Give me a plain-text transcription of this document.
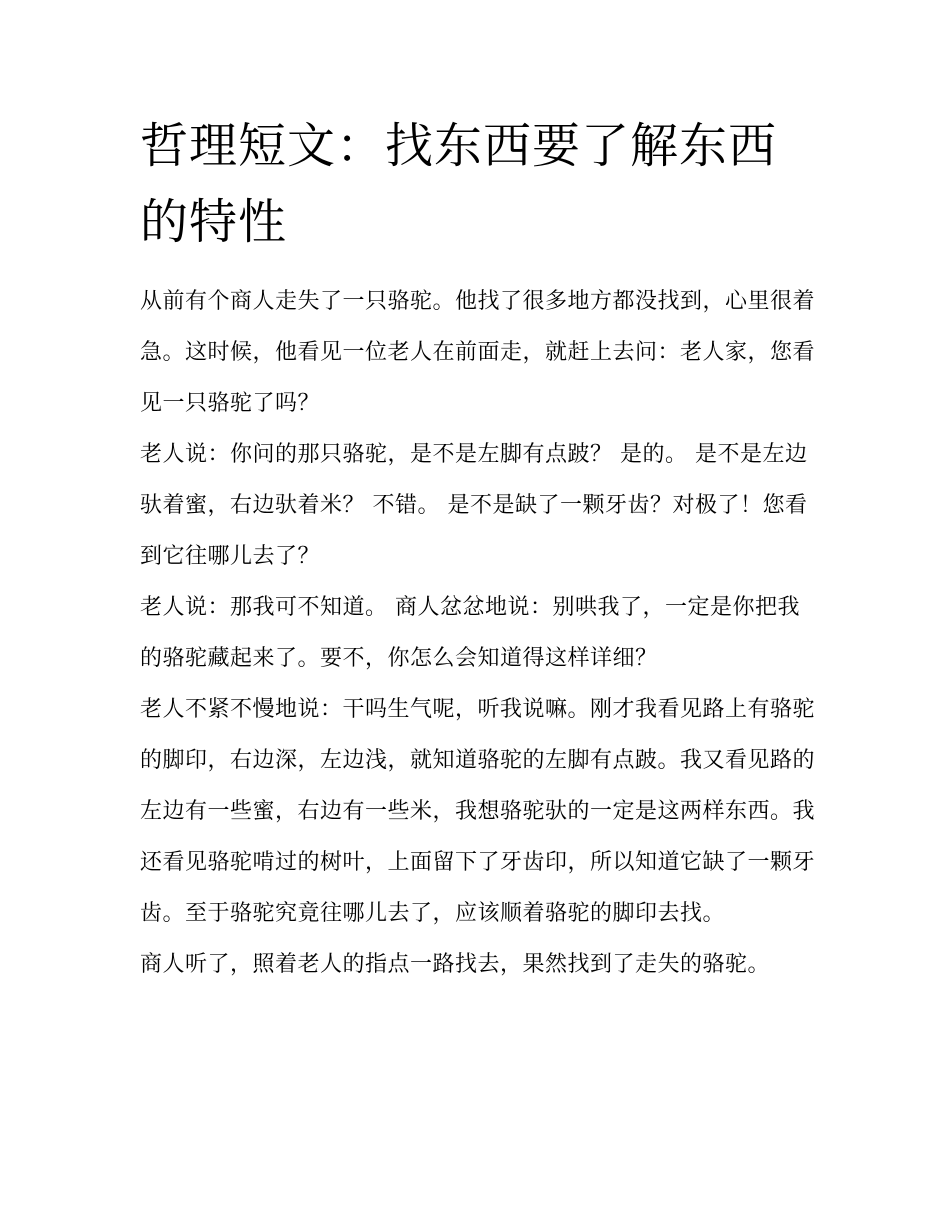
哲理短文：找东西要了解东西的特性

从前有个商人走失了一只骆驼。他找了很多地方都没找到，心里很着急。这时候，他看见一位老人在前面走，就赶上去问：老人家，您看见一只骆驼了吗？

老人说：你问的那只骆驼，是不是左脚有点跛？ 是的。 是不是左边驮着蜜，右边驮着米？ 不错。 是不是缺了一颗牙齿？对极了！您看到它往哪儿去了？

老人说：那我可不知道。 商人忿忿地说：别哄我了，一定是你把我的骆驼藏起来了。要不，你怎么会知道得这样详细？

老人不紧不慢地说：干吗生气呢，听我说嘛。刚才我看见路上有骆驼的脚印，右边深，左边浅，就知道骆驼的左脚有点跛。我又看见路的左边有一些蜜，右边有一些米，我想骆驼驮的一定是这两样东西。我还看见骆驼啃过的树叶，上面留下了牙齿印，所以知道它缺了一颗牙齿。至于骆驼究竟往哪儿去了，应该顺着骆驼的脚印去找。

商人听了，照着老人的指点一路找去，果然找到了走失的骆驼。
